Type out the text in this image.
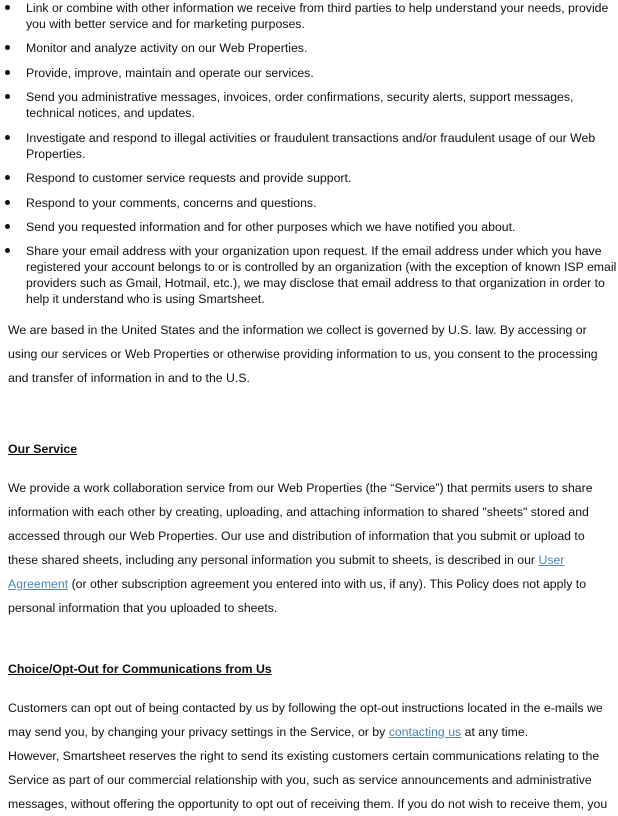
Link or combine with other information we receive from third parties to help understand your needs, provide you with better service and for marketing purposes.
Monitor and analyze activity on our Web Properties.
Provide, improve, maintain and operate our services.
Send you administrative messages, invoices, order confirmations, security alerts, support messages, technical notices, and updates.
Investigate and respond to illegal activities or fraudulent transactions and/or fraudulent usage of our Web Properties.
Respond to customer service requests and provide support.
Respond to your comments, concerns and questions.
Send you requested information and for other purposes which we have notified you about.
Share your email address with your organization upon request. If the email address under which you have registered your account belongs to or is controlled by an organization (with the exception of known ISP email providers such as Gmail, Hotmail, etc.), we may disclose that email address to that organization in order to help it understand who is using Smartsheet.

We are based in the United States and the information we collect is governed by U.S. law. By accessing or using our services or Web Properties or otherwise providing information to us, you consent to the processing and transfer of information in and to the U.S.

Our Service

We provide a work collaboration service from our Web Properties (the “Service”) that permits users to share information with each other by creating, uploading, and attaching information to shared "sheets" stored and accessed through our Web Properties. Our use and distribution of information that you submit or upload to these shared sheets, including any personal information you submit to sheets, is described in our User Agreement (or other subscription agreement you entered into with us, if any). This Policy does not apply to personal information that you uploaded to sheets.

Choice/Opt-Out for Communications from Us

Customers can opt out of being contacted by us by following the opt-out instructions located in the e-mails we may send you, by changing your privacy settings in the Service, or by contacting us at any time.

However, Smartsheet reserves the right to send its existing customers certain communications relating to the Service as part of our commercial relationship with you, such as service announcements and administrative messages, without offering the opportunity to opt out of receiving them. If you do not wish to receive them, you
